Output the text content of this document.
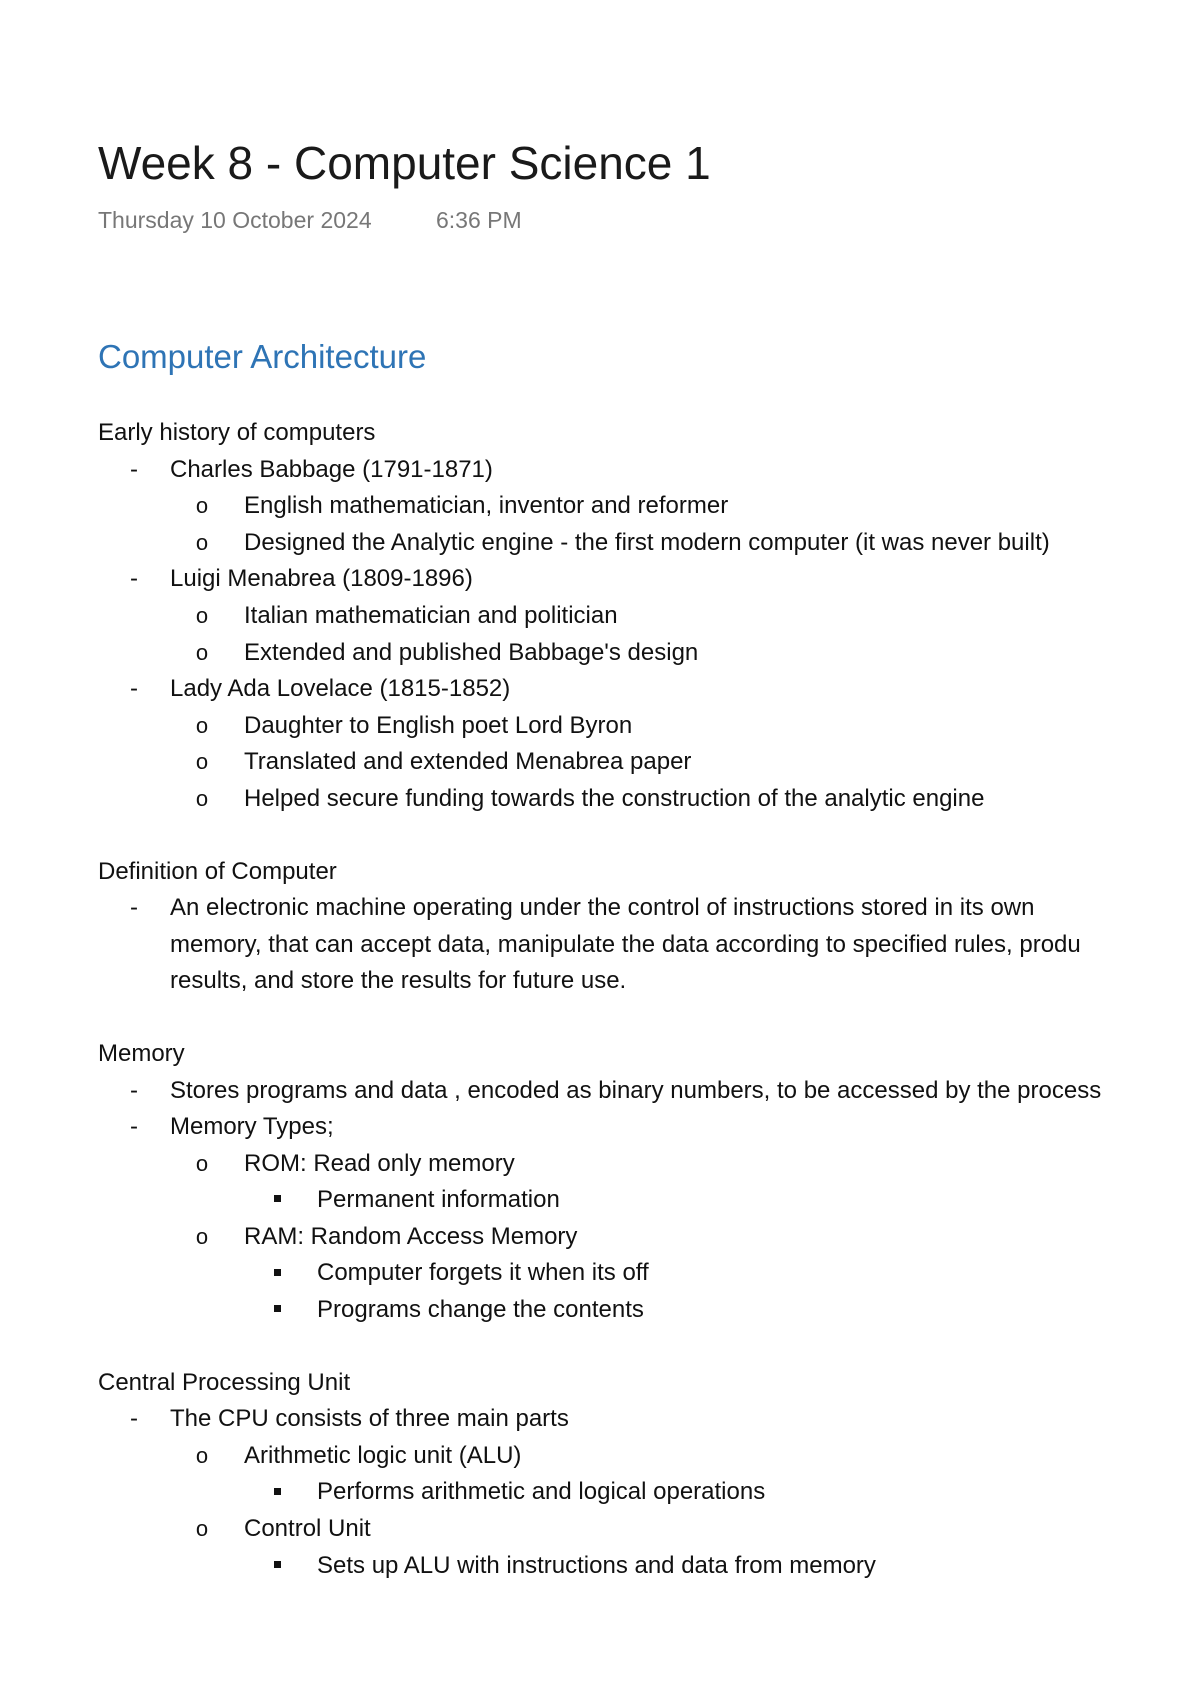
Week 8 - Computer Science 1
Thursday 10 October 2024	6:36 PM
Computer Architecture
Early history of computers
- Charles Babbage (1791-1871)
o English mathematician, inventor and reformer
o Designed the Analytic engine - the first modern computer (it was never built)
- Luigi Menabrea (1809-1896)
o Italian mathematician and politician
o Extended and published Babbage's design
- Lady Ada Lovelace (1815-1852)
o Daughter to English poet Lord Byron
o Translated and extended Menabrea paper
o Helped secure funding towards the construction of the analytic engine
Definition of Computer
- An electronic machine operating under the control of instructions stored in its own
memory, that can accept data, manipulate the data according to specified rules, produ
results, and store the results for future use.
Memory
- Stores programs and data , encoded as binary numbers, to be accessed by the process
- Memory Types;
o ROM: Read only memory
Permanent information
o RAM: Random Access Memory
Computer forgets it when its off
Programs change the contents
Central Processing Unit
- The CPU consists of three main parts
o Arithmetic logic unit (ALU)
Performs arithmetic and logical operations
o Control Unit
Sets up ALU with instructions and data from memory
